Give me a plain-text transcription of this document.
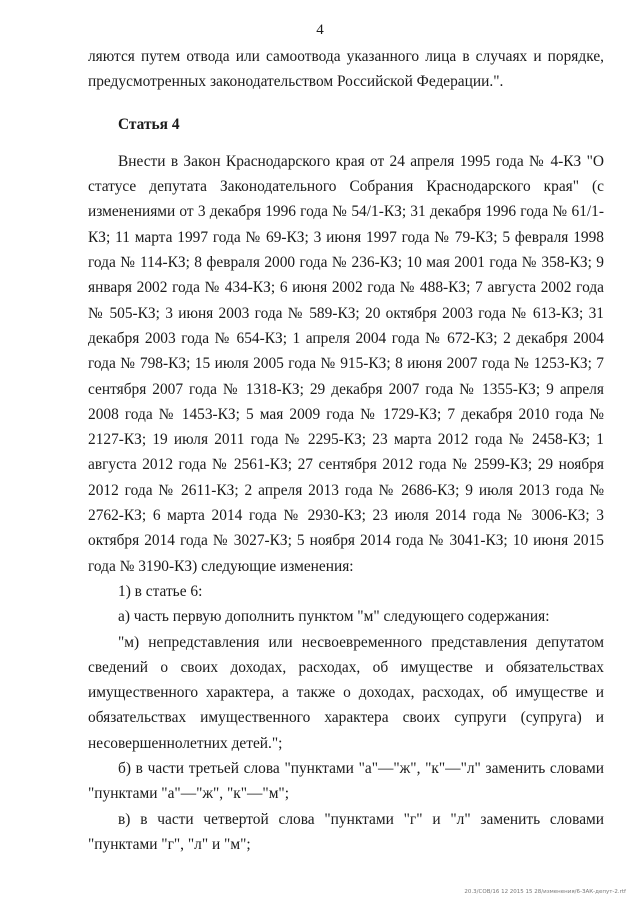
4

ляются путем отвода или самоотвода указанного лица в случаях и порядке, предусмотренных законодательством Российской Федерации.".

Статья 4

Внести в Закон Краснодарского края от 24 апреля 1995 года № 4-КЗ "О статусе депутата Законодательного Собрания Краснодарского края" (с изменениями от 3 декабря 1996 года № 54/1-КЗ; 31 декабря 1996 года № 61/1-КЗ; 11 марта 1997 года № 69-КЗ; 3 июня 1997 года № 79-КЗ; 5 февраля 1998 года № 114-КЗ; 8 февраля 2000 года № 236-КЗ; 10 мая 2001 года № 358-КЗ; 9 января 2002 года № 434-КЗ; 6 июня 2002 года № 488-КЗ; 7 августа 2002 года № 505-КЗ; 3 июня 2003 года № 589-КЗ; 20 октября 2003 года № 613-КЗ; 31 декабря 2003 года № 654-КЗ; 1 апреля 2004 года № 672-КЗ; 2 декабря 2004 года № 798-КЗ; 15 июля 2005 года № 915-КЗ; 8 июня 2007 года № 1253-КЗ; 7 сентября 2007 года № 1318-КЗ; 29 декабря 2007 года № 1355-КЗ; 9 апреля 2008 года № 1453-КЗ; 5 мая 2009 года № 1729-КЗ; 7 декабря 2010 года № 2127-КЗ; 19 июля 2011 года № 2295-КЗ; 23 марта 2012 года № 2458-КЗ; 1 августа 2012 года № 2561-КЗ; 27 сентября 2012 года № 2599-КЗ; 29 ноября 2012 года № 2611-КЗ; 2 апреля 2013 года № 2686-КЗ; 9 июля 2013 года № 2762-КЗ; 6 марта 2014 года № 2930-КЗ; 23 июля 2014 года № 3006-КЗ; 3 октября 2014 года № 3027-КЗ; 5 ноября 2014 года № 3041-КЗ; 10 июня 2015 года № 3190-КЗ) следующие изменения:

1) в статье 6:

а) часть первую дополнить пунктом "м" следующего содержания:

"м) непредставления или несвоевременного представления депутатом сведений о своих доходах, расходах, об имуществе и обязательствах имущественного характера, а также о доходах, расходах, об имуществе и обязательствах имущественного характера своих супруги (супруга) и несовершеннолетних детей.";

б) в части третьей слова "пунктами "а"—"ж", "к"—"л" заменить словами "пунктами "а"—"ж", "к"—"м";

в) в части четвертой слова "пунктами "г" и "л" заменить словами "пунктами "г", "л" и "м";

20.3/COB/16 12 2015 15 28/изменения/6-ЗАК-депут-2.rtf
